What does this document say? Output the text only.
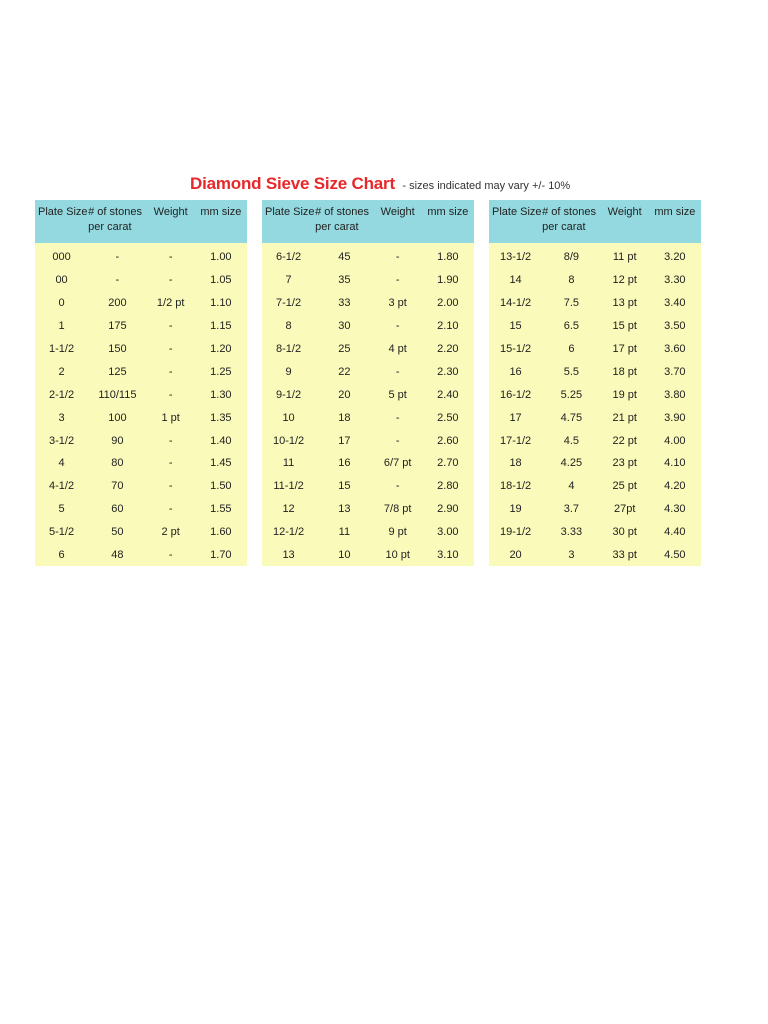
Diamond Sieve Size Chart - sizes indicated may vary +/- 10%
Plate Size	# of stones per carat	Weight	mm size
000	-	-	1.00
00	-	-	1.05
0	200	1/2 pt	1.10
1	175	-	1.15
1-1/2	150	-	1.20
2	125	-	1.25
2-1/2	110/115	-	1.30
3	100	1 pt	1.35
3-1/2	90	-	1.40
4	80	-	1.45
4-1/2	70	-	1.50
5	60	-	1.55
5-1/2	50	2 pt	1.60
6	48	-	1.70
Plate Size	# of stones per carat	Weight	mm size
6-1/2	45	-	1.80
7	35	-	1.90
7-1/2	33	3 pt	2.00
8	30	-	2.10
8-1/2	25	4 pt	2.20
9	22	-	2.30
9-1/2	20	5 pt	2.40
10	18	-	2.50
10-1/2	17	-	2.60
11	16	6/7 pt	2.70
11-1/2	15	-	2.80
12	13	7/8 pt	2.90
12-1/2	11	9 pt	3.00
13	10	10 pt	3.10
Plate Size	# of stones per carat	Weight	mm size
13-1/2	8/9	11 pt	3.20
14	8	12 pt	3.30
14-1/2	7.5	13 pt	3.40
15	6.5	15 pt	3.50
15-1/2	6	17 pt	3.60
16	5.5	18 pt	3.70
16-1/2	5.25	19 pt	3.80
17	4.75	21 pt	3.90
17-1/2	4.5	22 pt	4.00
18	4.25	23 pt	4.10
18-1/2	4	25 pt	4.20
19	3.7	27pt	4.30
19-1/2	3.33	30 pt	4.40
20	3	33 pt	4.50
